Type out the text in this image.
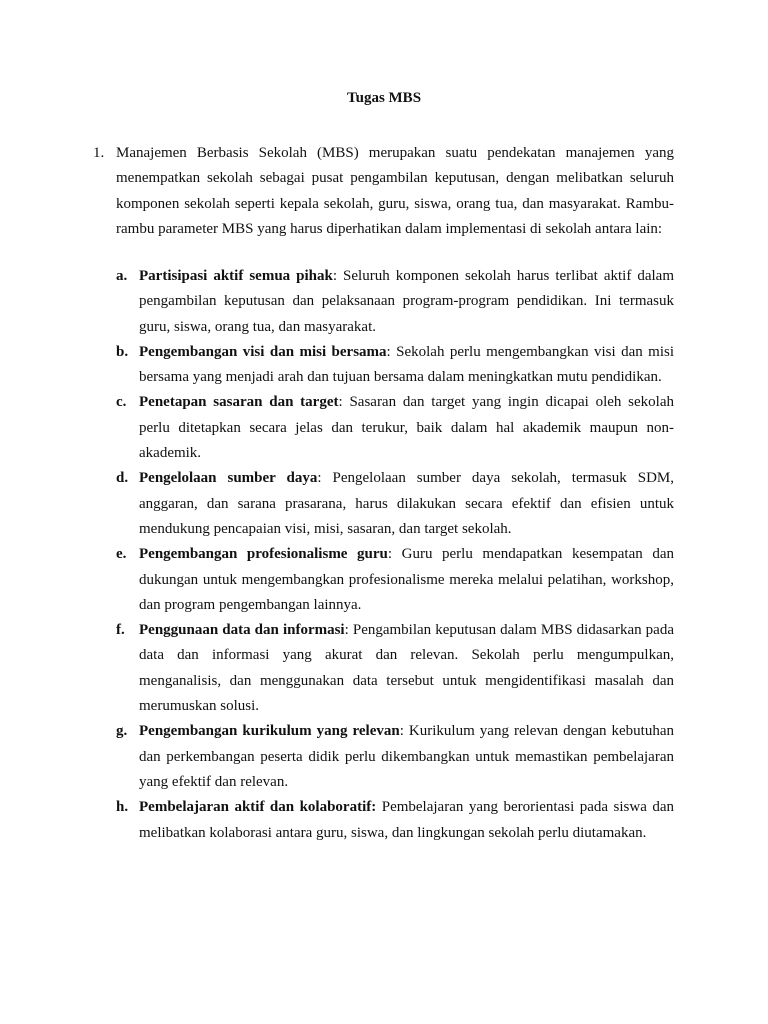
Tugas MBS
1. Manajemen Berbasis Sekolah (MBS) merupakan suatu pendekatan manajemen yang menempatkan sekolah sebagai pusat pengambilan keputusan, dengan melibatkan seluruh komponen sekolah seperti kepala sekolah, guru, siswa, orang tua, dan masyarakat. Rambu-rambu parameter MBS yang harus diperhatikan dalam implementasi di sekolah antara lain:
a. Partisipasi aktif semua pihak: Seluruh komponen sekolah harus terlibat aktif dalam pengambilan keputusan dan pelaksanaan program-program pendidikan. Ini termasuk guru, siswa, orang tua, dan masyarakat.
b. Pengembangan visi dan misi bersama: Sekolah perlu mengembangkan visi dan misi bersama yang menjadi arah dan tujuan bersama dalam meningkatkan mutu pendidikan.
c. Penetapan sasaran dan target: Sasaran dan target yang ingin dicapai oleh sekolah perlu ditetapkan secara jelas dan terukur, baik dalam hal akademik maupun non-akademik.
d. Pengelolaan sumber daya: Pengelolaan sumber daya sekolah, termasuk SDM, anggaran, dan sarana prasarana, harus dilakukan secara efektif dan efisien untuk mendukung pencapaian visi, misi, sasaran, dan target sekolah.
e. Pengembangan profesionalisme guru: Guru perlu mendapatkan kesempatan dan dukungan untuk mengembangkan profesionalisme mereka melalui pelatihan, workshop, dan program pengembangan lainnya.
f. Penggunaan data dan informasi: Pengambilan keputusan dalam MBS didasarkan pada data dan informasi yang akurat dan relevan. Sekolah perlu mengumpulkan, menganalisis, dan menggunakan data tersebut untuk mengidentifikasi masalah dan merumuskan solusi.
g. Pengembangan kurikulum yang relevan: Kurikulum yang relevan dengan kebutuhan dan perkembangan peserta didik perlu dikembangkan untuk memastikan pembelajaran yang efektif dan relevan.
h. Pembelajaran aktif dan kolaboratif: Pembelajaran yang berorientasi pada siswa dan melibatkan kolaborasi antara guru, siswa, dan lingkungan sekolah perlu diutamakan.
